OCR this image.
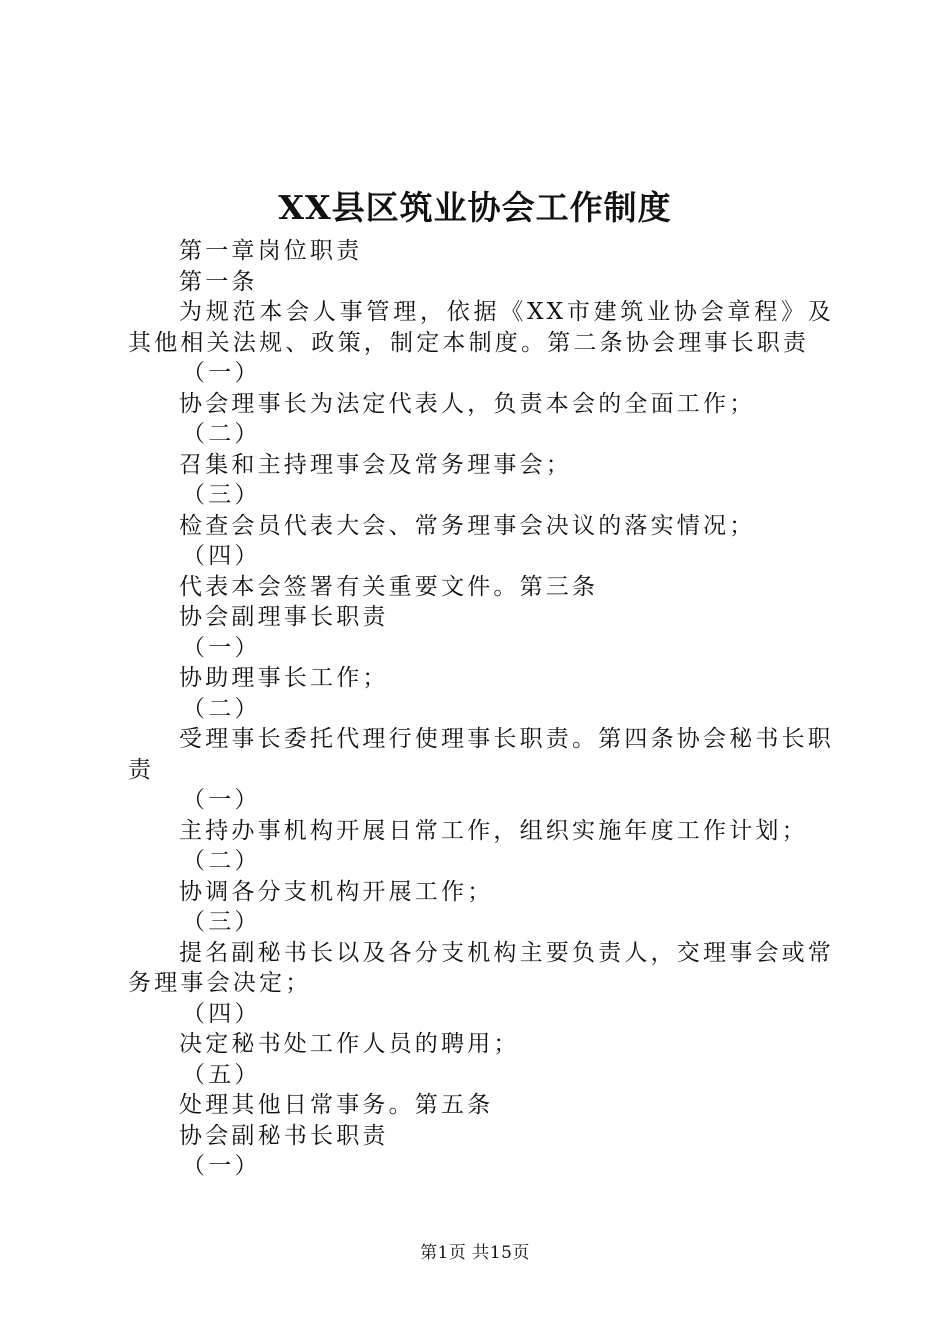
XX县区筑业协会工作制度

第一章岗位职责

第一条

为规范本会人事管理，依据《XX市建筑业协会章程》及其他相关法规、政策，制定本制度。第二条协会理事长职责

（一）

协会理事长为法定代表人，负责本会的全面工作；

（二）

召集和主持理事会及常务理事会；

（三）

检查会员代表大会、常务理事会决议的落实情况；

（四）

代表本会签署有关重要文件。第三条

协会副理事长职责

（一）

协助理事长工作；

（二）

受理事长委托代理行使理事长职责。第四条协会秘书长职责

（一）

主持办事机构开展日常工作，组织实施年度工作计划；

（二）

协调各分支机构开展工作；

（三）

提名副秘书长以及各分支机构主要负责人，交理事会或常务理事会决定；

（四）

决定秘书处工作人员的聘用；

（五）

处理其他日常事务。第五条

协会副秘书长职责

（一）

第1页 共15页
